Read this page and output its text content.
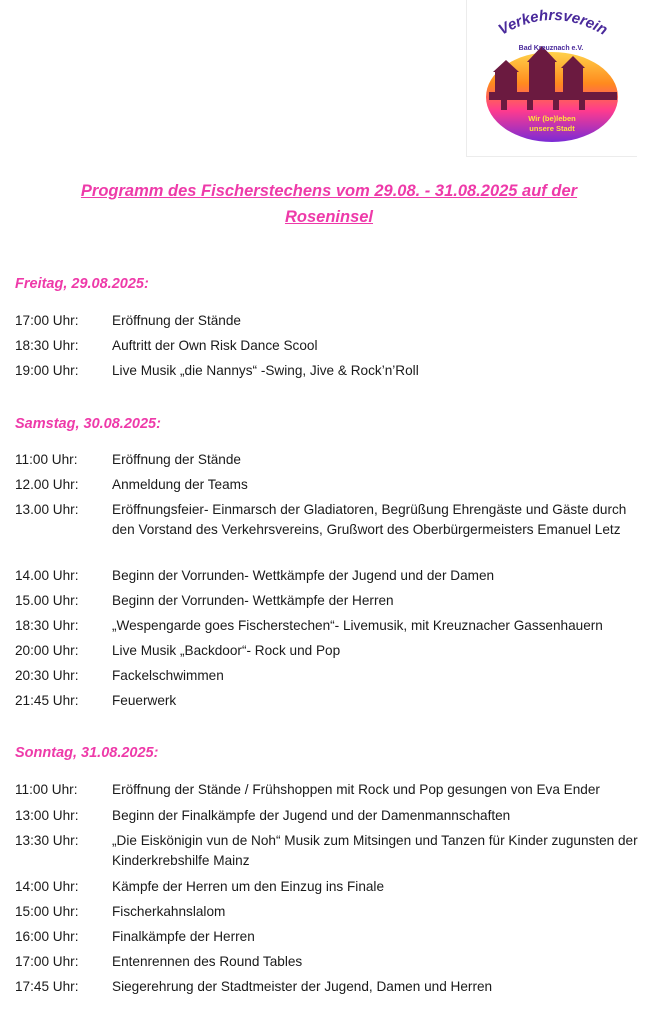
Verkehrsverein
Bad Kreuznach e.V.
Wir (be)leben
unsere Stadt
Programm des Fischerstechens vom 29.08. - 31.08.2025 auf der Roseninsel
Freitag, 29.08.2025:
17:00 Uhr:	Eröffnung der Stände
18:30 Uhr:	Auftritt der Own Risk Dance Scool
19:00 Uhr:	Live Musik „die Nannys“ -Swing, Jive & Rock’n’Roll
Samstag, 30.08.2025:
11:00 Uhr:	Eröffnung der Stände
12.00 Uhr:	Anmeldung der Teams
13.00 Uhr:	Eröffnungsfeier- Einmarsch der Gladiatoren, Begrüßung Ehrengäste und Gäste durch den Vorstand des Verkehrsvereins, Grußwort des Oberbürgermeisters Emanuel Letz
14.00 Uhr:	Beginn der Vorrunden- Wettkämpfe der Jugend und der Damen
15.00 Uhr:	Beginn der Vorrunden- Wettkämpfe der Herren
18:30 Uhr:	„Wespengarde goes Fischerstechen“- Livemusik, mit Kreuznacher Gassenhauern
20:00 Uhr:	Live Musik „Backdoor“- Rock und Pop
20:30 Uhr:	Fackelschwimmen
21:45 Uhr:	Feuerwerk
Sonntag, 31.08.2025:
11:00 Uhr:	Eröffnung der Stände / Frühshoppen mit Rock und Pop gesungen von Eva Ender
13:00 Uhr:	Beginn der Finalkämpfe der Jugend und der Damenmannschaften
13:30 Uhr:	„Die Eiskönigin vun de Noh“ Musik zum Mitsingen und Tanzen für Kinder zugunsten der Kinderkrebshilfe Mainz
14:00 Uhr:	Kämpfe der Herren um den Einzug ins Finale
15:00 Uhr:	Fischerkahnslalom
16:00 Uhr:	Finalkämpfe der Herren
17:00 Uhr:	Entenrennen des Round Tables
17:45 Uhr:	Siegerehrung der Stadtmeister der Jugend, Damen und Herren
